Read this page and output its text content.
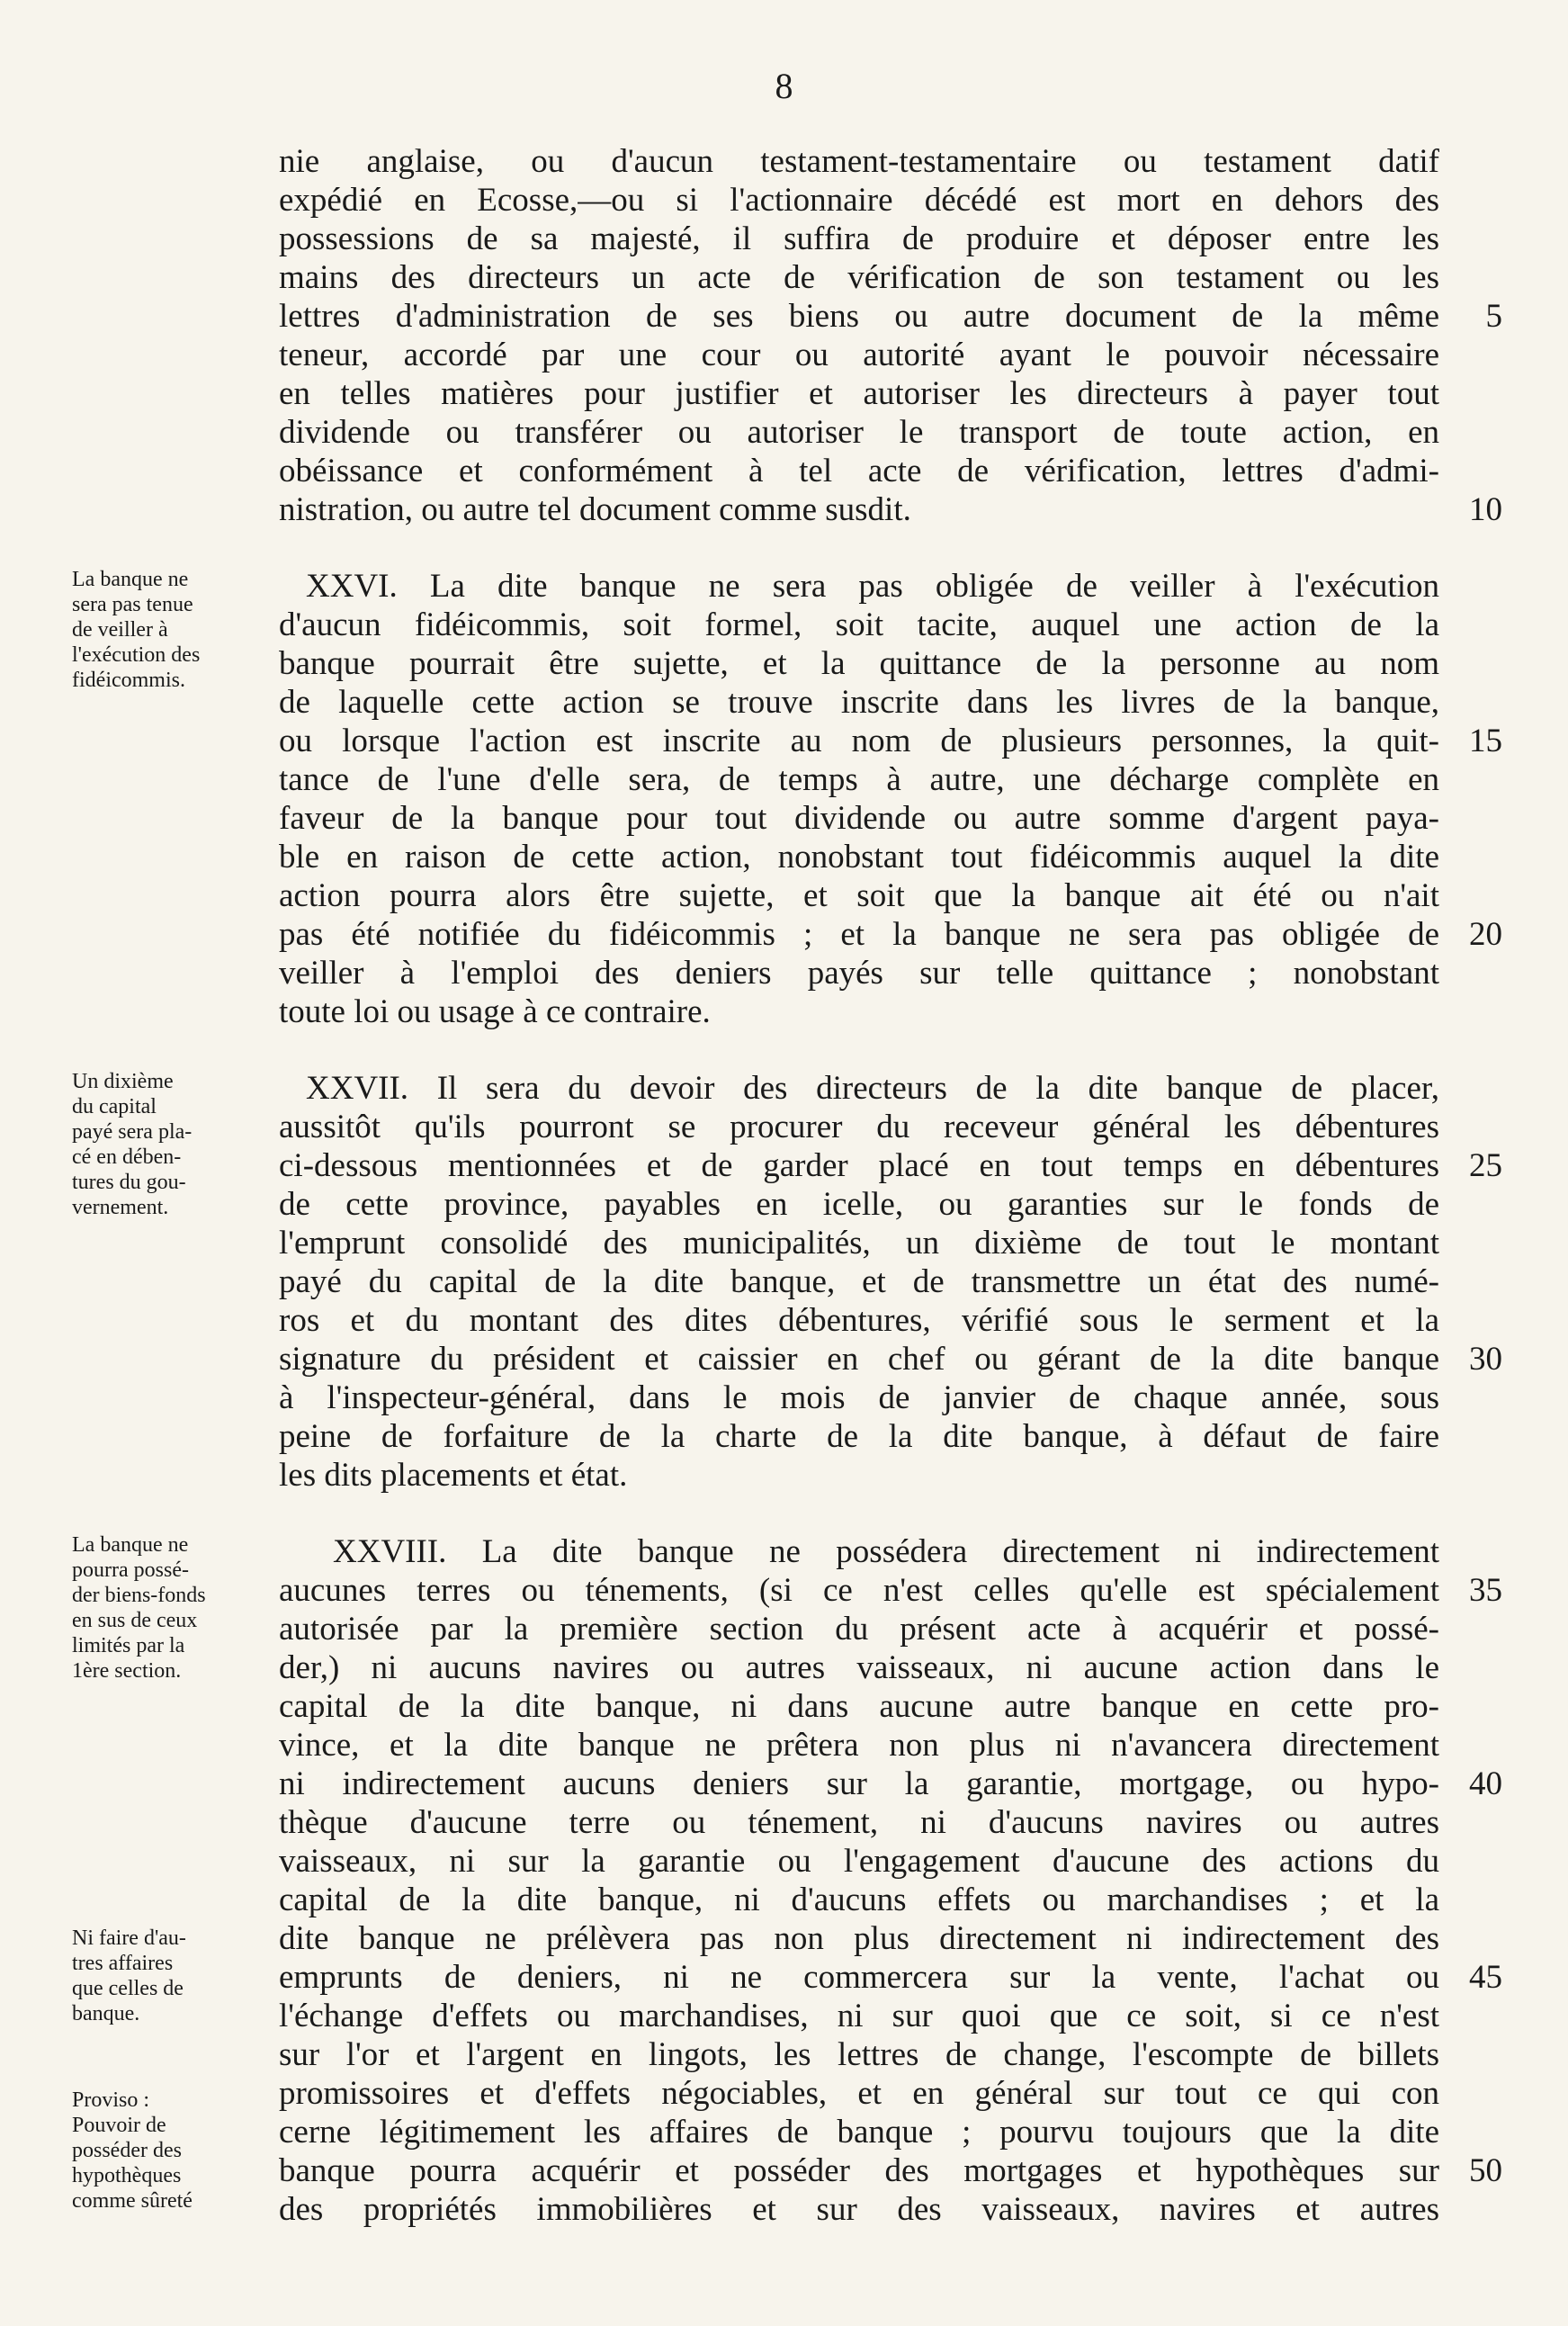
8
nie anglaise, ou d'aucun testament-testamentaire ou testament datif
expédié en Ecosse,—ou si l'actionnaire décédé est mort en dehors des
possessions de sa majesté, il suffira de produire et déposer entre les
mains des directeurs un acte de vérification de son testament ou les
lettres d'administration de ses biens ou autre document de la même
teneur, accordé par une cour ou autorité ayant le pouvoir nécessaire
en telles matières pour justifier et autoriser les directeurs à payer tout
dividende ou transférer ou autoriser le transport de toute action, en
obéissance et conformément à tel acte de vérification, lettres d'admi-
nistration, ou autre tel document comme susdit.
XXVI. La dite banque ne sera pas obligée de veiller à l'exécution
d'aucun fidéicommis, soit formel, soit tacite, auquel une action de la
banque pourrait être sujette, et la quittance de la personne au nom
de laquelle cette action se trouve inscrite dans les livres de la banque,
ou lorsque l'action est inscrite au nom de plusieurs personnes, la quit-
tance de l'une d'elle sera, de temps à autre, une décharge complète en
faveur de la banque pour tout dividende ou autre somme d'argent paya-
ble en raison de cette action, nonobstant tout fidéicommis auquel la dite
action pourra alors être sujette, et soit que la banque ait été ou n'ait
pas été notifiée du fidéicommis ; et la banque ne sera pas obligée de
veiller à l'emploi des deniers payés sur telle quittance ; nonobstant
toute loi ou usage à ce contraire.
XXVII. Il sera du devoir des directeurs de la dite banque de placer,
aussitôt qu'ils pourront se procurer du receveur général les débentures
ci-dessous mentionnées et de garder placé en tout temps en débentures
de cette province, payables en icelle, ou garanties sur le fonds de
l'emprunt consolidé des municipalités, un dixième de tout le montant
payé du capital de la dite banque, et de transmettre un état des numé-
ros et du montant des dites débentures, vérifié sous le serment et la
signature du président et caissier en chef ou gérant de la dite banque
à l'inspecteur-général, dans le mois de janvier de chaque année, sous
peine de forfaiture de la charte de la dite banque, à défaut de faire
les dits placements et état.
XXVIII. La dite banque ne possédera directement ni indirectement
aucunes terres ou ténements, (si ce n'est celles qu'elle est spécialement
autorisée par la première section du présent acte à acquérir et possé-
der,) ni aucuns navires ou autres vaisseaux, ni aucune action dans le
capital de la dite banque, ni dans aucune autre banque en cette pro-
vince, et la dite banque ne prêtera non plus ni n'avancera directement
ni indirectement aucuns deniers sur la garantie, mortgage, ou hypo-
thèque d'aucune terre ou ténement, ni d'aucuns navires ou autres
vaisseaux, ni sur la garantie ou l'engagement d'aucune des actions du
capital de la dite banque, ni d'aucuns effets ou marchandises ; et la
dite banque ne prélèvera pas non plus directement ni indirectement des
emprunts de deniers, ni ne commercera sur la vente, l'achat ou
l'échange d'effets ou marchandises, ni sur quoi que ce soit, si ce n'est
sur l'or et l'argent en lingots, les lettres de change, l'escompte de billets
promissoires et d'effets négociables, et en général sur tout ce qui con
cerne légitimement les affaires de banque ; pourvu toujours que la dite
banque pourra acquérir et posséder des mortgages et hypothèques sur
des propriétés immobilières et sur des vaisseaux, navires et autres
5
10
15
20
25
30
35
40
45
50
La banque ne
sera pas tenue
de veiller à
l'exécution des
fidéicommis.
Un dixième
du capital
payé sera pla-
cé en dében-
tures du gou-
vernement.
La banque ne
pourra possé-
der biens-fonds
en sus de ceux
limités par la
1ère section.
Ni faire d'au-
tres affaires
que celles de
banque.
Proviso :
Pouvoir de
posséder des
hypothèques
comme sûreté
